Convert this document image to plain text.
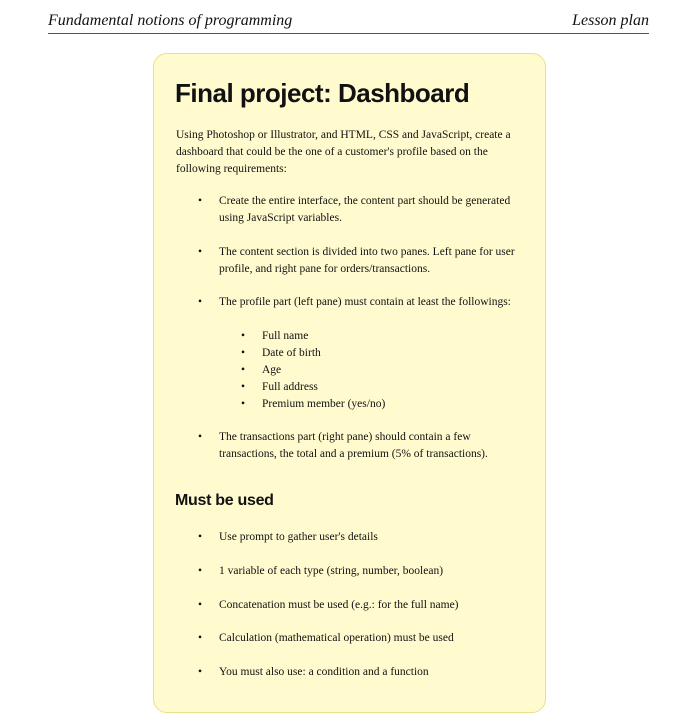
Fundamental notions of programming	Lesson plan
Final project: Dashboard

Using Photoshop or Illustrator, and HTML, CSS and JavaScript, create a dashboard that could be the one of a customer's profile based on the following requirements:

• Create the entire interface, the content part should be generated using JavaScript variables.
• The content section is divided into two panes. Left pane for user profile, and right pane for orders/transactions.
• The profile part (left pane) must contain at least the followings:
• Full name
• Date of birth
• Age
• Full address
• Premium member (yes/no)
• The transactions part (right pane) should contain a few transactions, the total and a premium (5% of transactions).
Must be used
• Use prompt to gather user's details
• 1 variable of each type (string, number, boolean)
• Concatenation must be used (e.g.: for the full name)
• Calculation (mathematical operation) must be used
• You must also use: a condition and a function
